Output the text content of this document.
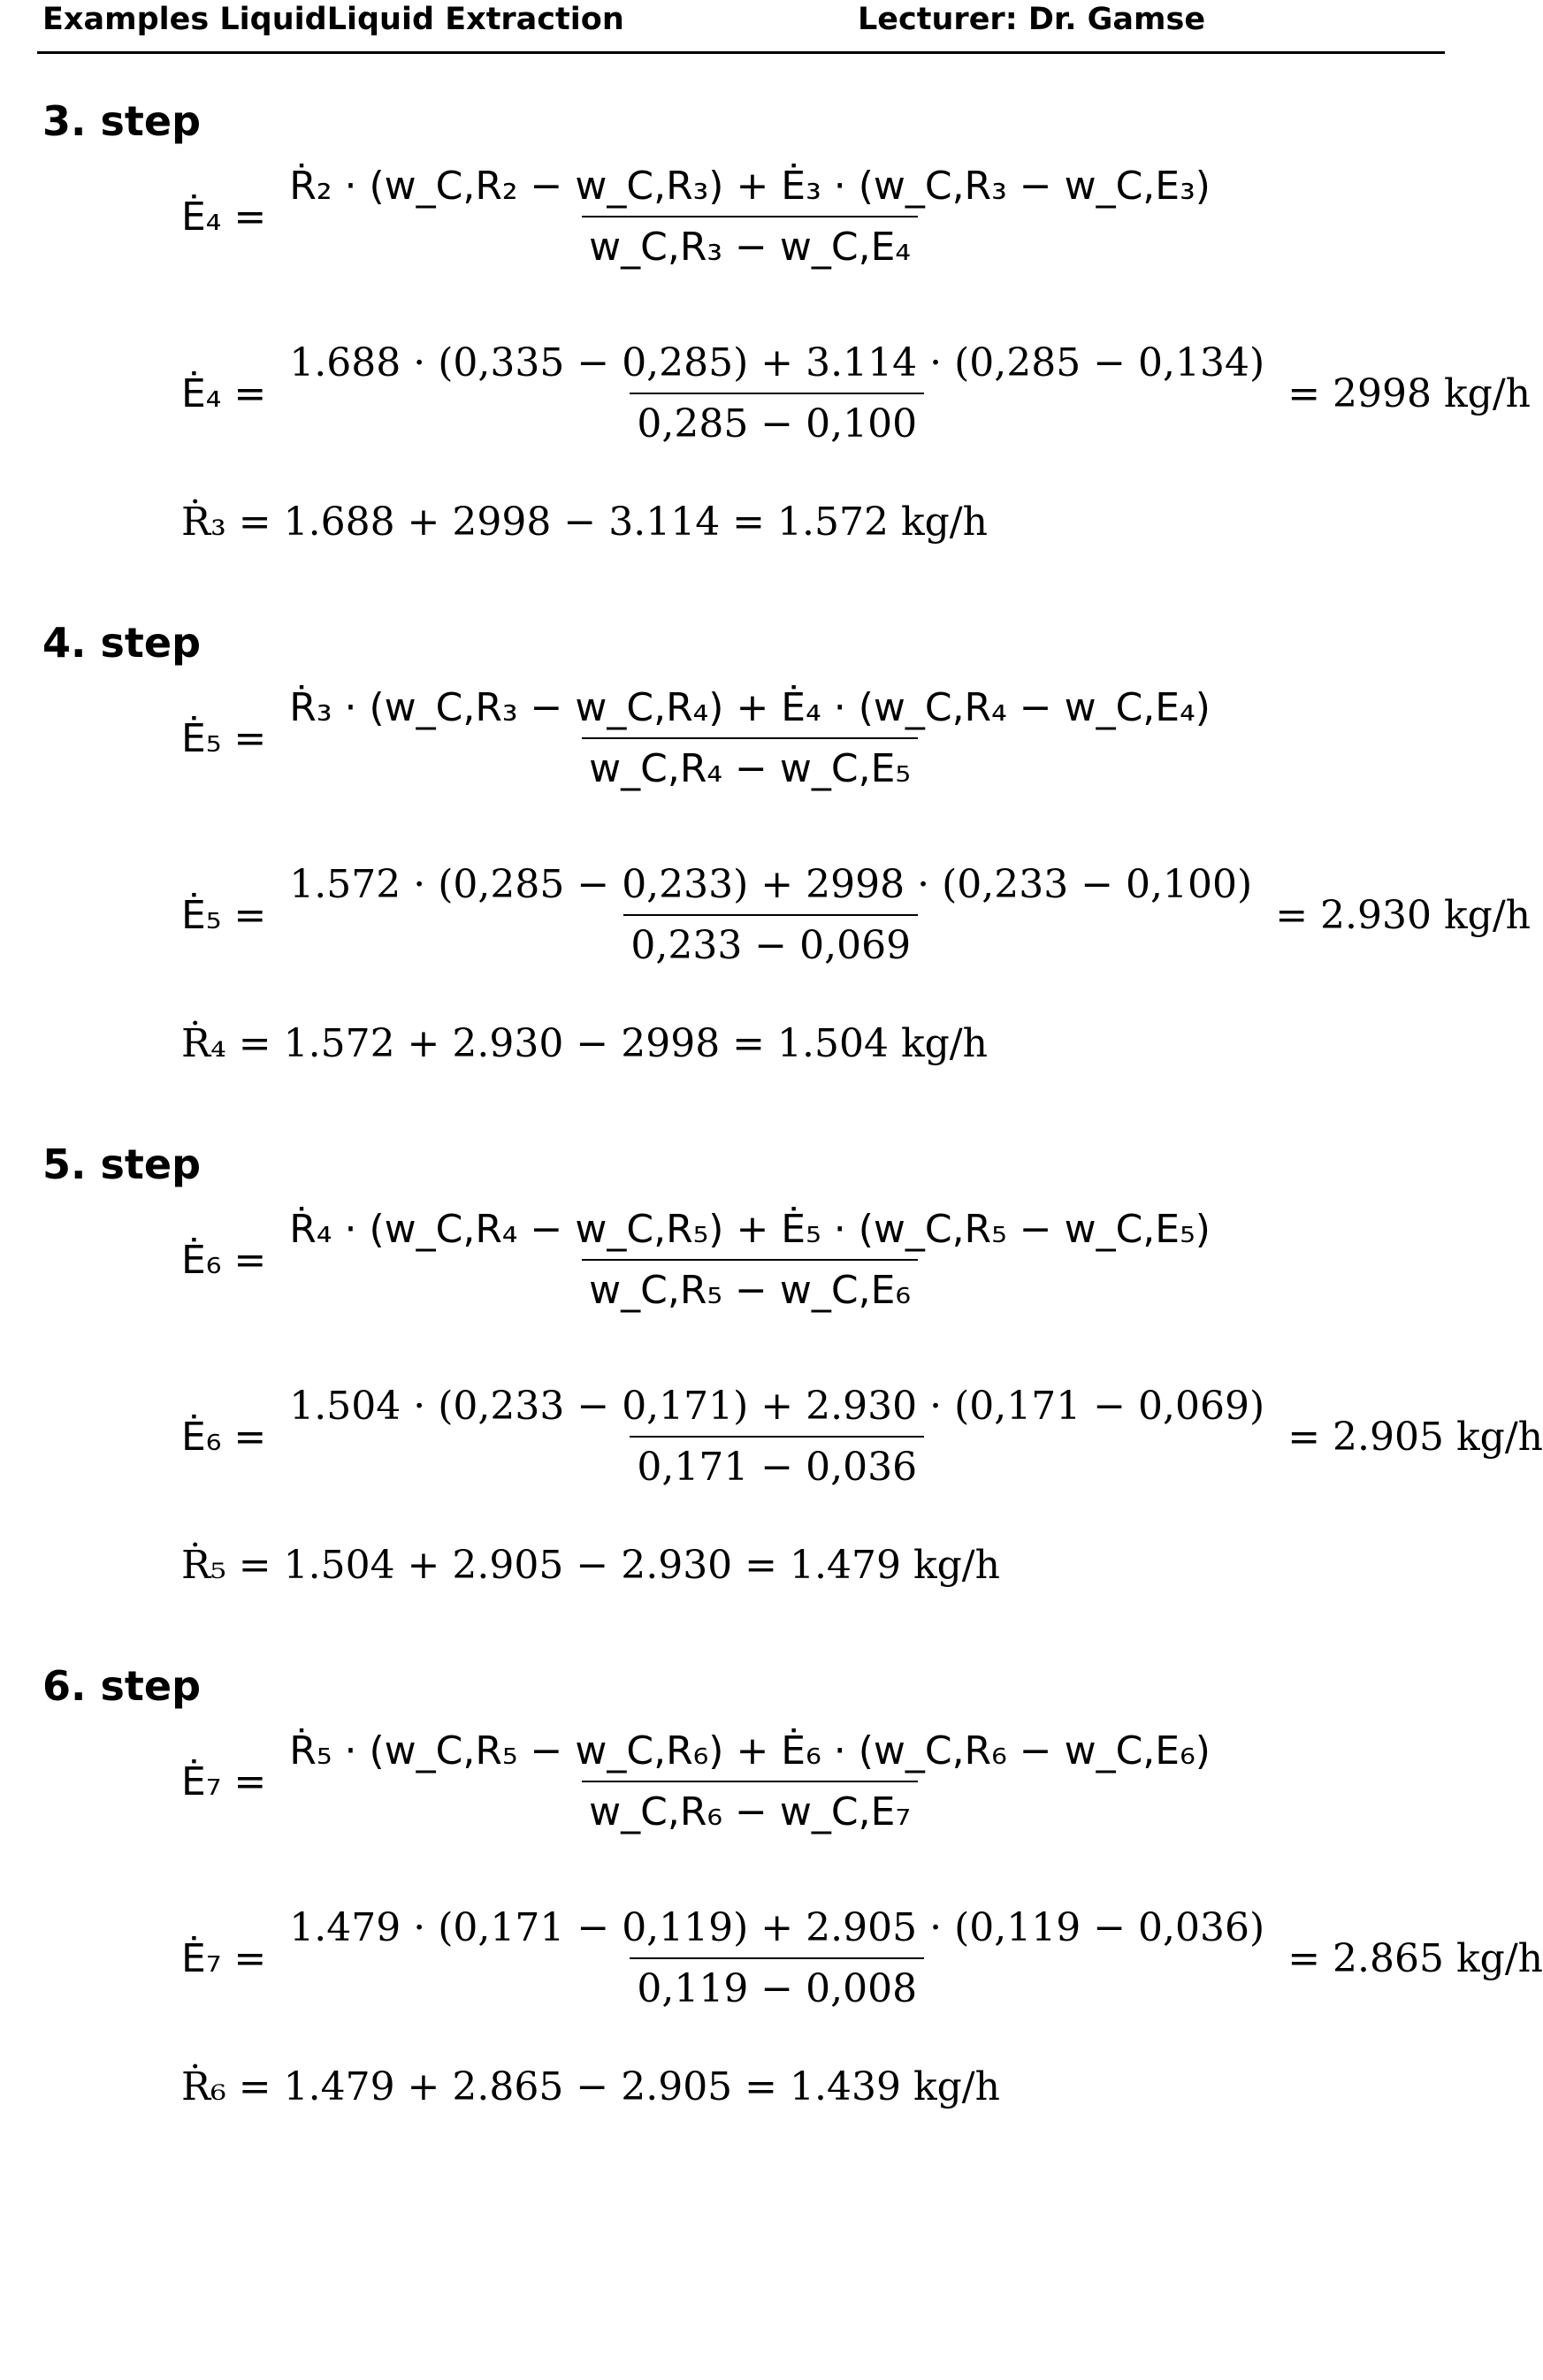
Examples LiquidLiquid Extraction	Lecturer: Dr. Gamse
3. step
Ė₄ = $\frac{\text{Ṙ₂ · (w\_C,R₂ − w\_C,R₃) + Ė₃ · (w\_C,R₃ − w\_C,E₃)}}{\text{w\_C,R₃ − w\_C,E₄}}$
Ė₄ = $\frac{1.688 \cdot (0,335 - 0,285) + 3.114 \cdot (0,285 - 0,134)}{0,285 - 0,100} = 2998$ kg/h
Ṙ₃ = 1.688 + 2998 − 3.114 = 1.572 kg/h
4. step
Ė₅ = $\frac{\text{Ṙ₃ · (w\_C,R₃ − w\_C,R₄) + Ė₄ · (w\_C,R₄ − w\_C,E₄)}}{\text{w\_C,R₄ − w\_C,E₅}}$
Ė₅ = $\frac{1.572 \cdot (0,285 - 0,233) + 2998 \cdot (0,233 - 0,100)}{0,233 - 0,069} = 2.930$ kg/h
Ṙ₄ = 1.572 + 2.930 − 2998 = 1.504 kg/h
5. step
Ė₆ = $\frac{\text{Ṙ₄ · (w\_C,R₄ − w\_C,R₅) + Ė₅ · (w\_C,R₅ − w\_C,E₅)}}{\text{w\_C,R₅ − w\_C,E₆}}$
Ė₆ = $\frac{1.504 \cdot (0,233 - 0,171) + 2.930 \cdot (0,171 - 0,069)}{0,171 - 0,036} = 2.905$ kg/h
Ṙ₅ = 1.504 + 2.905 − 2.930 = 1.479 kg/h
6. step
Ė₇ = $\frac{\text{Ṙ₅ · (w\_C,R₅ − w\_C,R₆) + Ė₆ · (w\_C,R₆ − w\_C,E₆)}}{\text{w\_C,R₆ − w\_C,E₇}}$
Ė₇ = $\frac{1.479 \cdot (0,171 - 0,119) + 2.905 \cdot (0,119 - 0,036)}{0,119 - 0,008} = 2.865$ kg/h
Ṙ₆ = 1.479 + 2.865 − 2.905 = 1.439 kg/h
